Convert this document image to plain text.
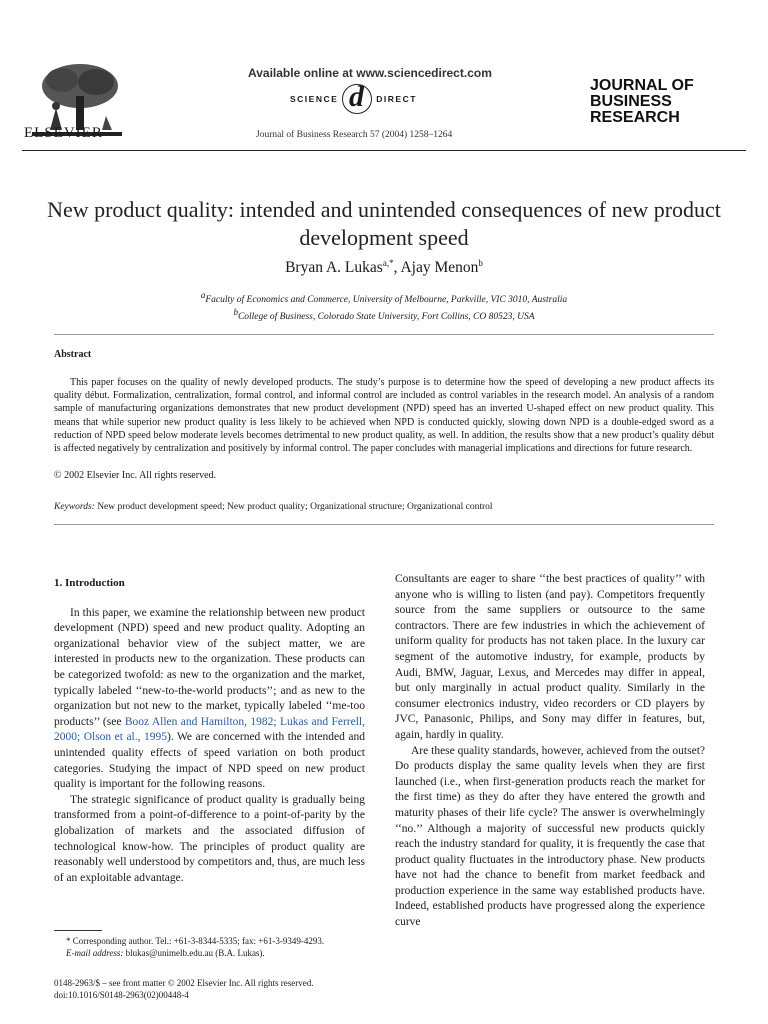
ELSEVIER
Available online at www.sciencedirect.com
SCIENCE d	DIRECT
Journal of Business Research 57 (2004) 1258–1264
JOURNAL OF
BUSINESS
RESEARCH
New product quality: intended and unintended consequences of new product development speed
Bryan A. Lukas$^{a,*}$, Ajay Menon$^b$
$^a$Faculty of Economics and Commerce, University of Melbourne, Parkville, VIC 3010, Australia
$^b$College of Business, Colorado State University, Fort Collins, CO 80523, USA
Abstract
This paper focuses on the quality of newly developed products. The study’s purpose is to determine how the speed of developing a new product affects its quality début. Formalization, centralization, formal control, and informal control are included as control variables in the research model. An analysis of a random sample of manufacturing organizations demonstrates that new product development (NPD) speed has an inverted U-shaped effect on new product quality. This means that while superior new product quality is less likely to be achieved when NPD is conducted quickly, slowing down NPD is a double-edged sword as a reduction of NPD speed below moderate levels becomes detrimental to new product quality, as well. In addition, the results show that a new product’s quality début is affected negatively by centralization and positively by informal control. The paper concludes with managerial implications and directions for future research.
© 2002 Elsevier Inc. All rights reserved.
Keywords: New product development speed; New product quality; Organizational structure; Organizational control

1. Introduction

In this paper, we examine the relationship between new product development (NPD) speed and new product quality. Adopting an organizational behavior view of the subject matter, we are interested in products new to the organization. These products can be categorized twofold: as new to the organization and the market, typically labeled ‘‘new-to-the-world products’’; and as new to the organization but not new to the market, typically labeled ‘‘me-too products’’ (see Booz Allen and Hamilton, 1982; Lukas and Ferrell, 2000; Olson et al., 1995). We are concerned with the intended and unintended quality effects of speed variation on both product categories. Studying the impact of NPD speed on new product quality is important for the following reasons.

The strategic significance of product quality is gradually being transformed from a point-of-difference to a point-of-parity by the globalization of markets and the associated diffusion of technological know-how. The principles of product quality are reasonably well understood by competitors and, thus, are much less of an exploitable advantage.

Consultants are eager to share ‘‘the best practices of quality’’ with anyone who is willing to listen (and pay). Competitors frequently source from the same suppliers or outsource to the same contractors. There are few industries in which the achievement of uniform quality for products has not taken place. In the luxury car segment of the automotive industry, for example, products by Audi, BMW, Jaguar, Lexus, and Mercedes may differ in appeal, but only marginally in actual product quality. Similarly in the consumer electronics industry, video recorders or CD players by JVC, Panasonic, Philips, and Sony may differ in features, but, again, hardly in quality.

Are these quality standards, however, achieved from the outset? Do products display the same quality levels when they are first launched (i.e., when first-generation products reach the market for the first time) as they do after they have entered the growth and maturity phases of their life cycle? The answer is overwhelmingly ‘‘no.’’ Although a majority of successful new products quickly reach the industry standard for quality, it is frequently the case that product quality fluctuates in the introductory phase. New products have not had the chance to benefit from market feedback and production experience in the same way established products have. Indeed, established products have progressed along the experience curve

* Corresponding author. Tel.: +61-3-8344-5335; fax: +61-3-9349-4293.
E-mail address: blukas@unimelb.edu.au (B.A. Lukas).
0148-2963/$ – see front matter © 2002 Elsevier Inc. All rights reserved.
doi:10.1016/S0148-2963(02)00448-4
